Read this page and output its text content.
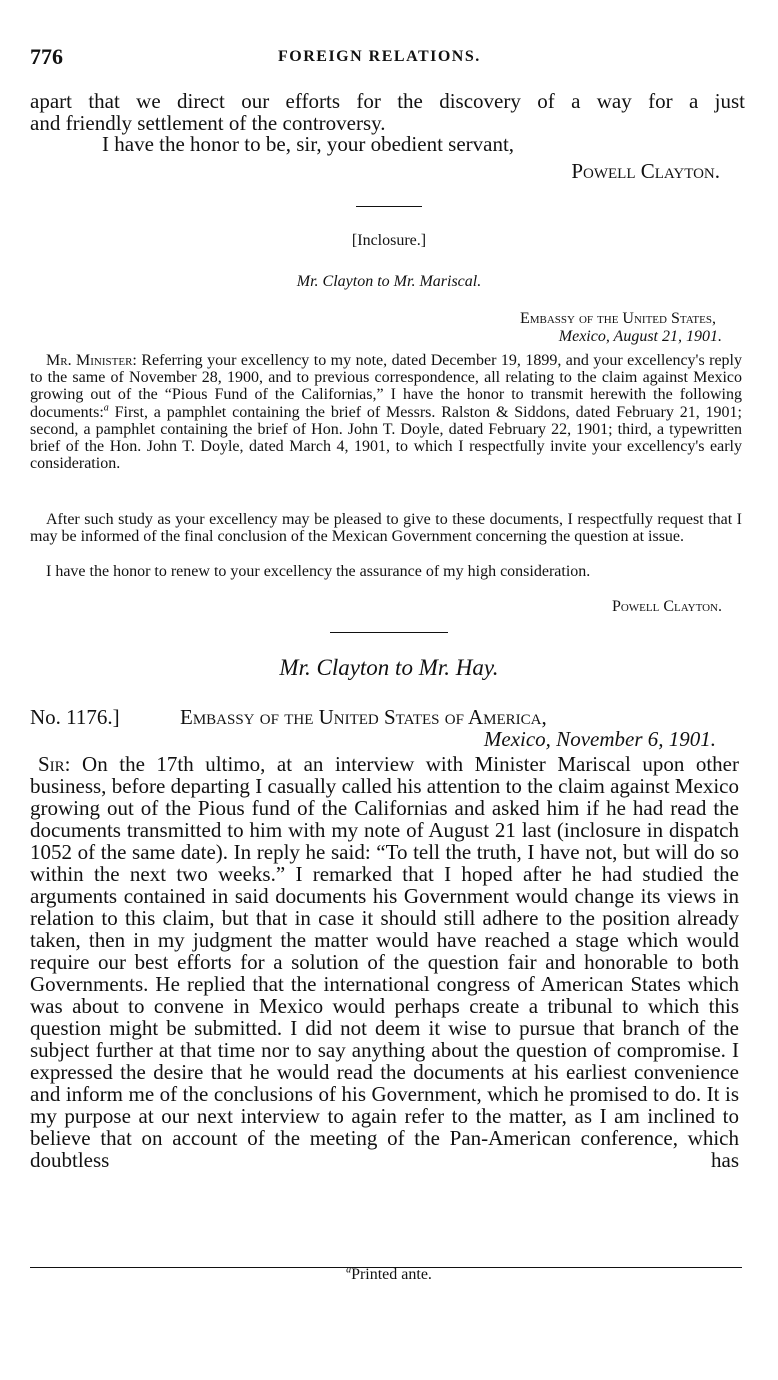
776	FOREIGN RELATIONS.
apart that we direct our efforts for the discovery of a way for a just
and friendly settlement of the controversy.
I have the honor to be, sir, your obedient servant,
Powell Clayton.
[Inclosure.]
Mr. Clayton to Mr. Mariscal.
Embassy of the United States,
Mexico, August 21, 1901.
Mr. Minister: Referring your excellency to my note, dated December 19, 1899, and your excellency's reply to the same of November 28, 1900, and to previous correspondence, all relating to the claim against Mexico growing out of the “Pious Fund of the Californias,” I have the honor to transmit herewith the following documents:$^a$ First, a pamphlet containing the brief of Messrs. Ralston & Siddons, dated February 21, 1901; second, a pamphlet containing the brief of Hon. John T. Doyle, dated February 22, 1901; third, a typewritten brief of the Hon. John T. Doyle, dated March 4, 1901, to which I respectfully invite your excellency's early consideration.
After such study as your excellency may be pleased to give to these documents, I respectfully request that I may be informed of the final conclusion of the Mexican Government concerning the question at issue.
I have the honor to renew to your excellency the assurance of my high consideration.
Powell Clayton.
Mr. Clayton to Mr. Hay.
No. 1176.]	Embassy of the United States of America,
Mexico, November 6, 1901.
Sir: On the 17th ultimo, at an interview with Minister Mariscal upon other business, before departing I casually called his attention to the claim against Mexico growing out of the Pious fund of the Californias and asked him if he had read the documents transmitted to him with my note of August 21 last (inclosure in dispatch 1052 of the same date). In reply he said: “To tell the truth, I have not, but will do so within the next two weeks.” I remarked that I hoped after he had studied the arguments contained in said documents his Government would change its views in relation to this claim, but that in case it should still adhere to the position already taken, then in my judgment the matter would have reached a stage which would require our best efforts for a solution of the question fair and honorable to both Governments. He replied that the international congress of American States which was about to convene in Mexico would perhaps create a tribunal to which this question might be submitted. I did not deem it wise to pursue that branch of the subject further at that time nor to say anything about the question of compromise. I expressed the desire that he would read the documents at his earliest convenience and inform me of the conclusions of his Government, which he promised to do. It is my purpose at our next interview to again refer to the matter, as I am inclined to believe that on account of the meeting of the Pan-American conference, which doubtless has
$^a$Printed ante.
